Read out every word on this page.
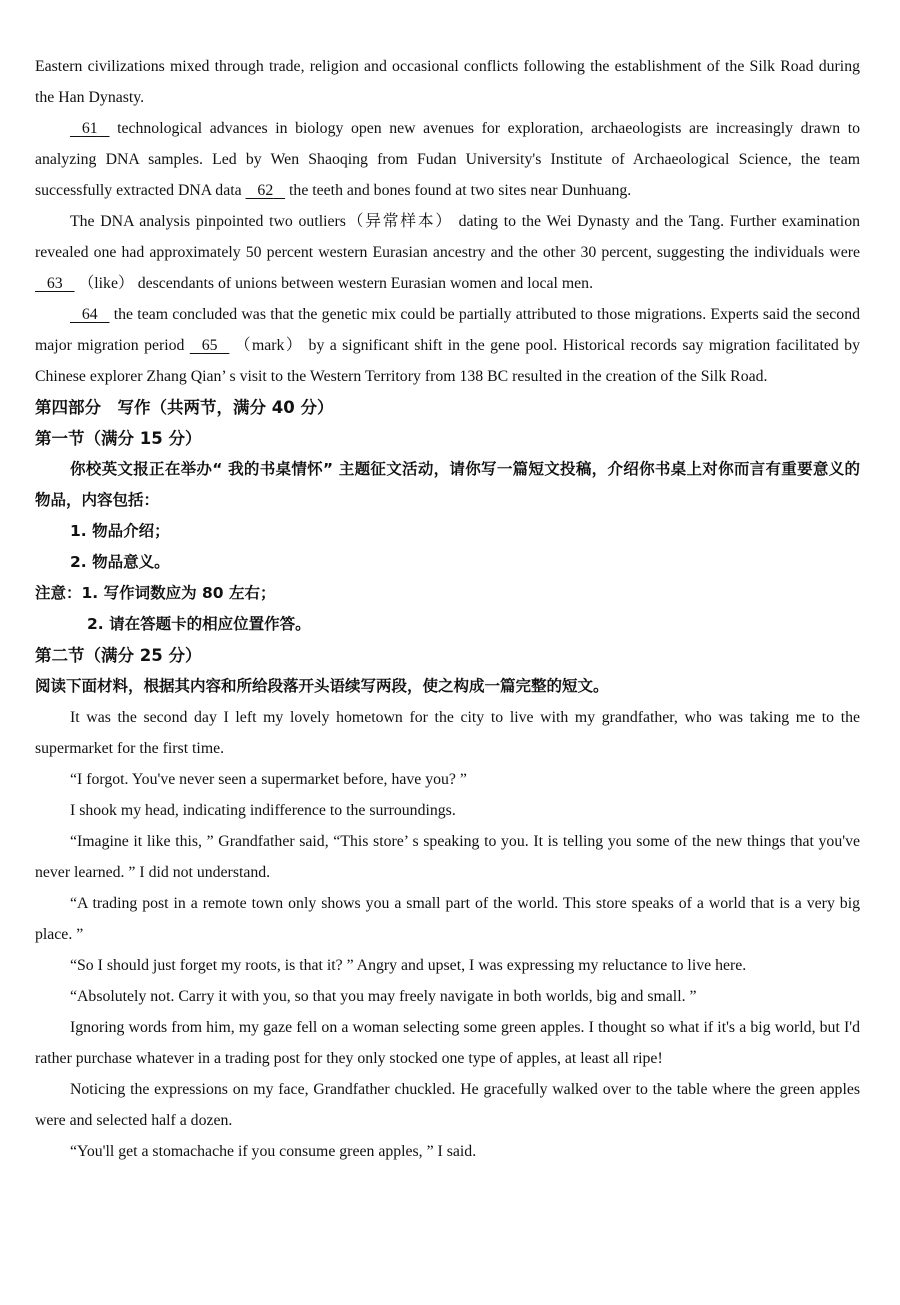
Eastern civilizations mixed through trade, religion and occasional conflicts following the establishment of the Silk Road during the Han Dynasty.

 61   technological advances in biology open new avenues for exploration, archaeologists are increasingly drawn to analyzing DNA samples. Led by Wen Shaoqing from Fudan University's Institute of Archaeological Science, the team successfully extracted DNA data   62   the teeth and bones found at two sites near Dunhuang.

The DNA analysis pinpointed two outliers（异常样本） dating to the Wei Dynasty and the Tang. Further examination revealed one had approximately 50 percent western Eurasian ancestry and the other 30 percent, suggesting the individuals were   63   （like） descendants of unions between western Eurasian women and local men.

 64   the team concluded was that the genetic mix could be partially attributed to those migrations. Experts said the second major migration period   65   （mark） by a significant shift in the gene pool. Historical records say migration facilitated by Chinese explorer Zhang Qian’ s visit to the Western Territory from 138 BC resulted in the creation of the Silk Road.

第四部分　写作（共两节，满分 40 分）

第一节（满分 15 分）

你校英文报正在举办“ 我的书桌情怀” 主题征文活动，请你写一篇短文投稿，介绍你书桌上对你而言有重要意义的物品，内容包括：

1. 物品介绍；

2. 物品意义。

注意：1. 写作词数应为 80 左右；

2. 请在答题卡的相应位置作答。

第二节（满分 25 分）

阅读下面材料，根据其内容和所给段落开头语续写两段，使之构成一篇完整的短文。

It was the second day I left my lovely hometown for the city to live with my grandfather, who was taking me to the supermarket for the first time.

“I forgot. You've never seen a supermarket before, have you? ”

I shook my head, indicating indifference to the surroundings.

“Imagine it like this, ” Grandfather said, “This store’ s speaking to you. It is telling you some of the new things that you've never learned. ” I did not understand.

“A trading post in a remote town only shows you a small part of the world. This store speaks of a world that is a very big place. ”

“So I should just forget my roots, is that it? ” Angry and upset, I was expressing my reluctance to live here.

“Absolutely not. Carry it with you, so that you may freely navigate in both worlds, big and small. ”

Ignoring words from him, my gaze fell on a woman selecting some green apples. I thought so what if it's a big world, but I'd rather purchase whatever in a trading post for they only stocked one type of apples, at least all ripe!

Noticing the expressions on my face, Grandfather chuckled. He gracefully walked over to the table where the green apples were and selected half a dozen.

“You'll get a stomachache if you consume green apples, ” I said.
